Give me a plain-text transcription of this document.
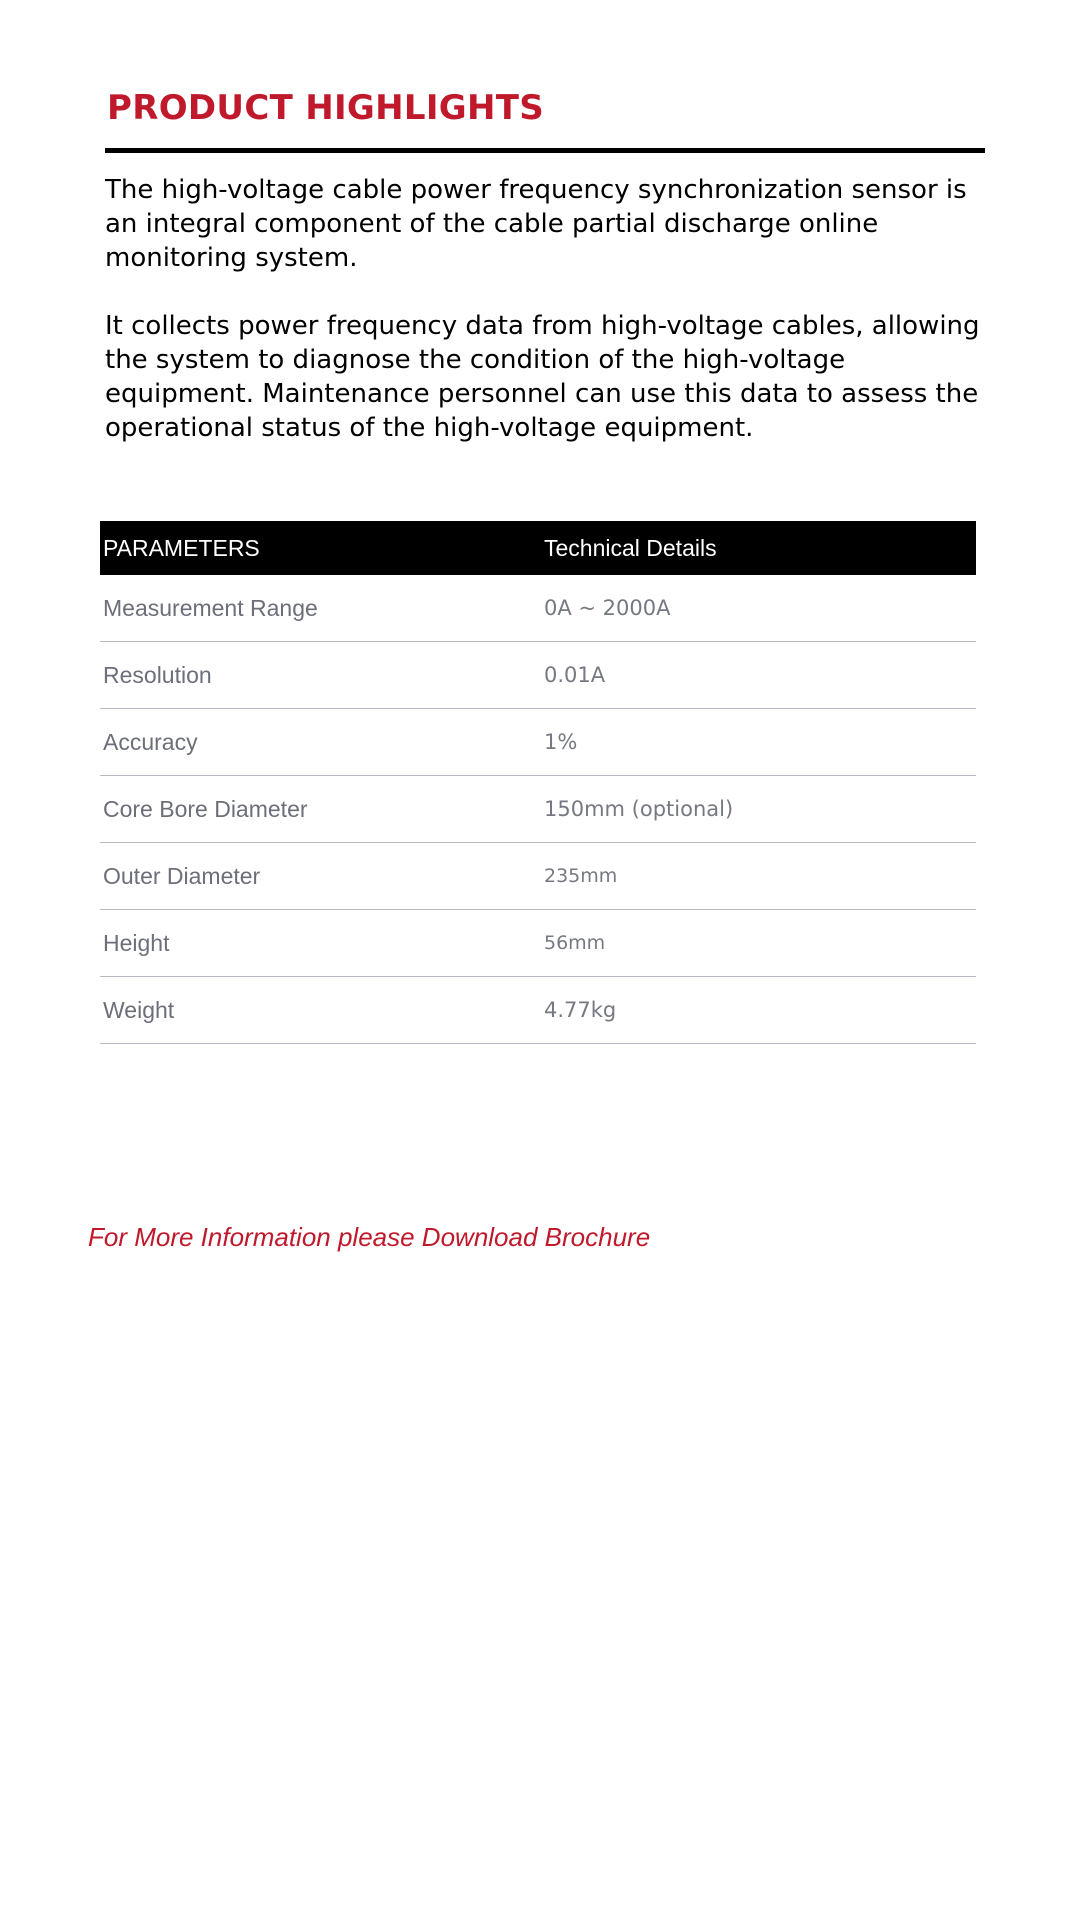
PRODUCT HIGHLIGHTS

The high-voltage cable power frequency synchronization sensor is an integral component of the cable partial discharge online monitoring system.

It collects power frequency data from high-voltage cables, allowing the system to diagnose the condition of the high-voltage equipment. Maintenance personnel can use this data to assess the operational status of the high-voltage equipment.

PARAMETERS	Technical Details
Measurement Range	0A ~ 2000A
Resolution	0.01A
Accuracy	1%
Core Bore Diameter	150mm (optional)
Outer Diameter	235mm
Height	56mm
Weight	4.77kg
For More Information please Download Brochure
